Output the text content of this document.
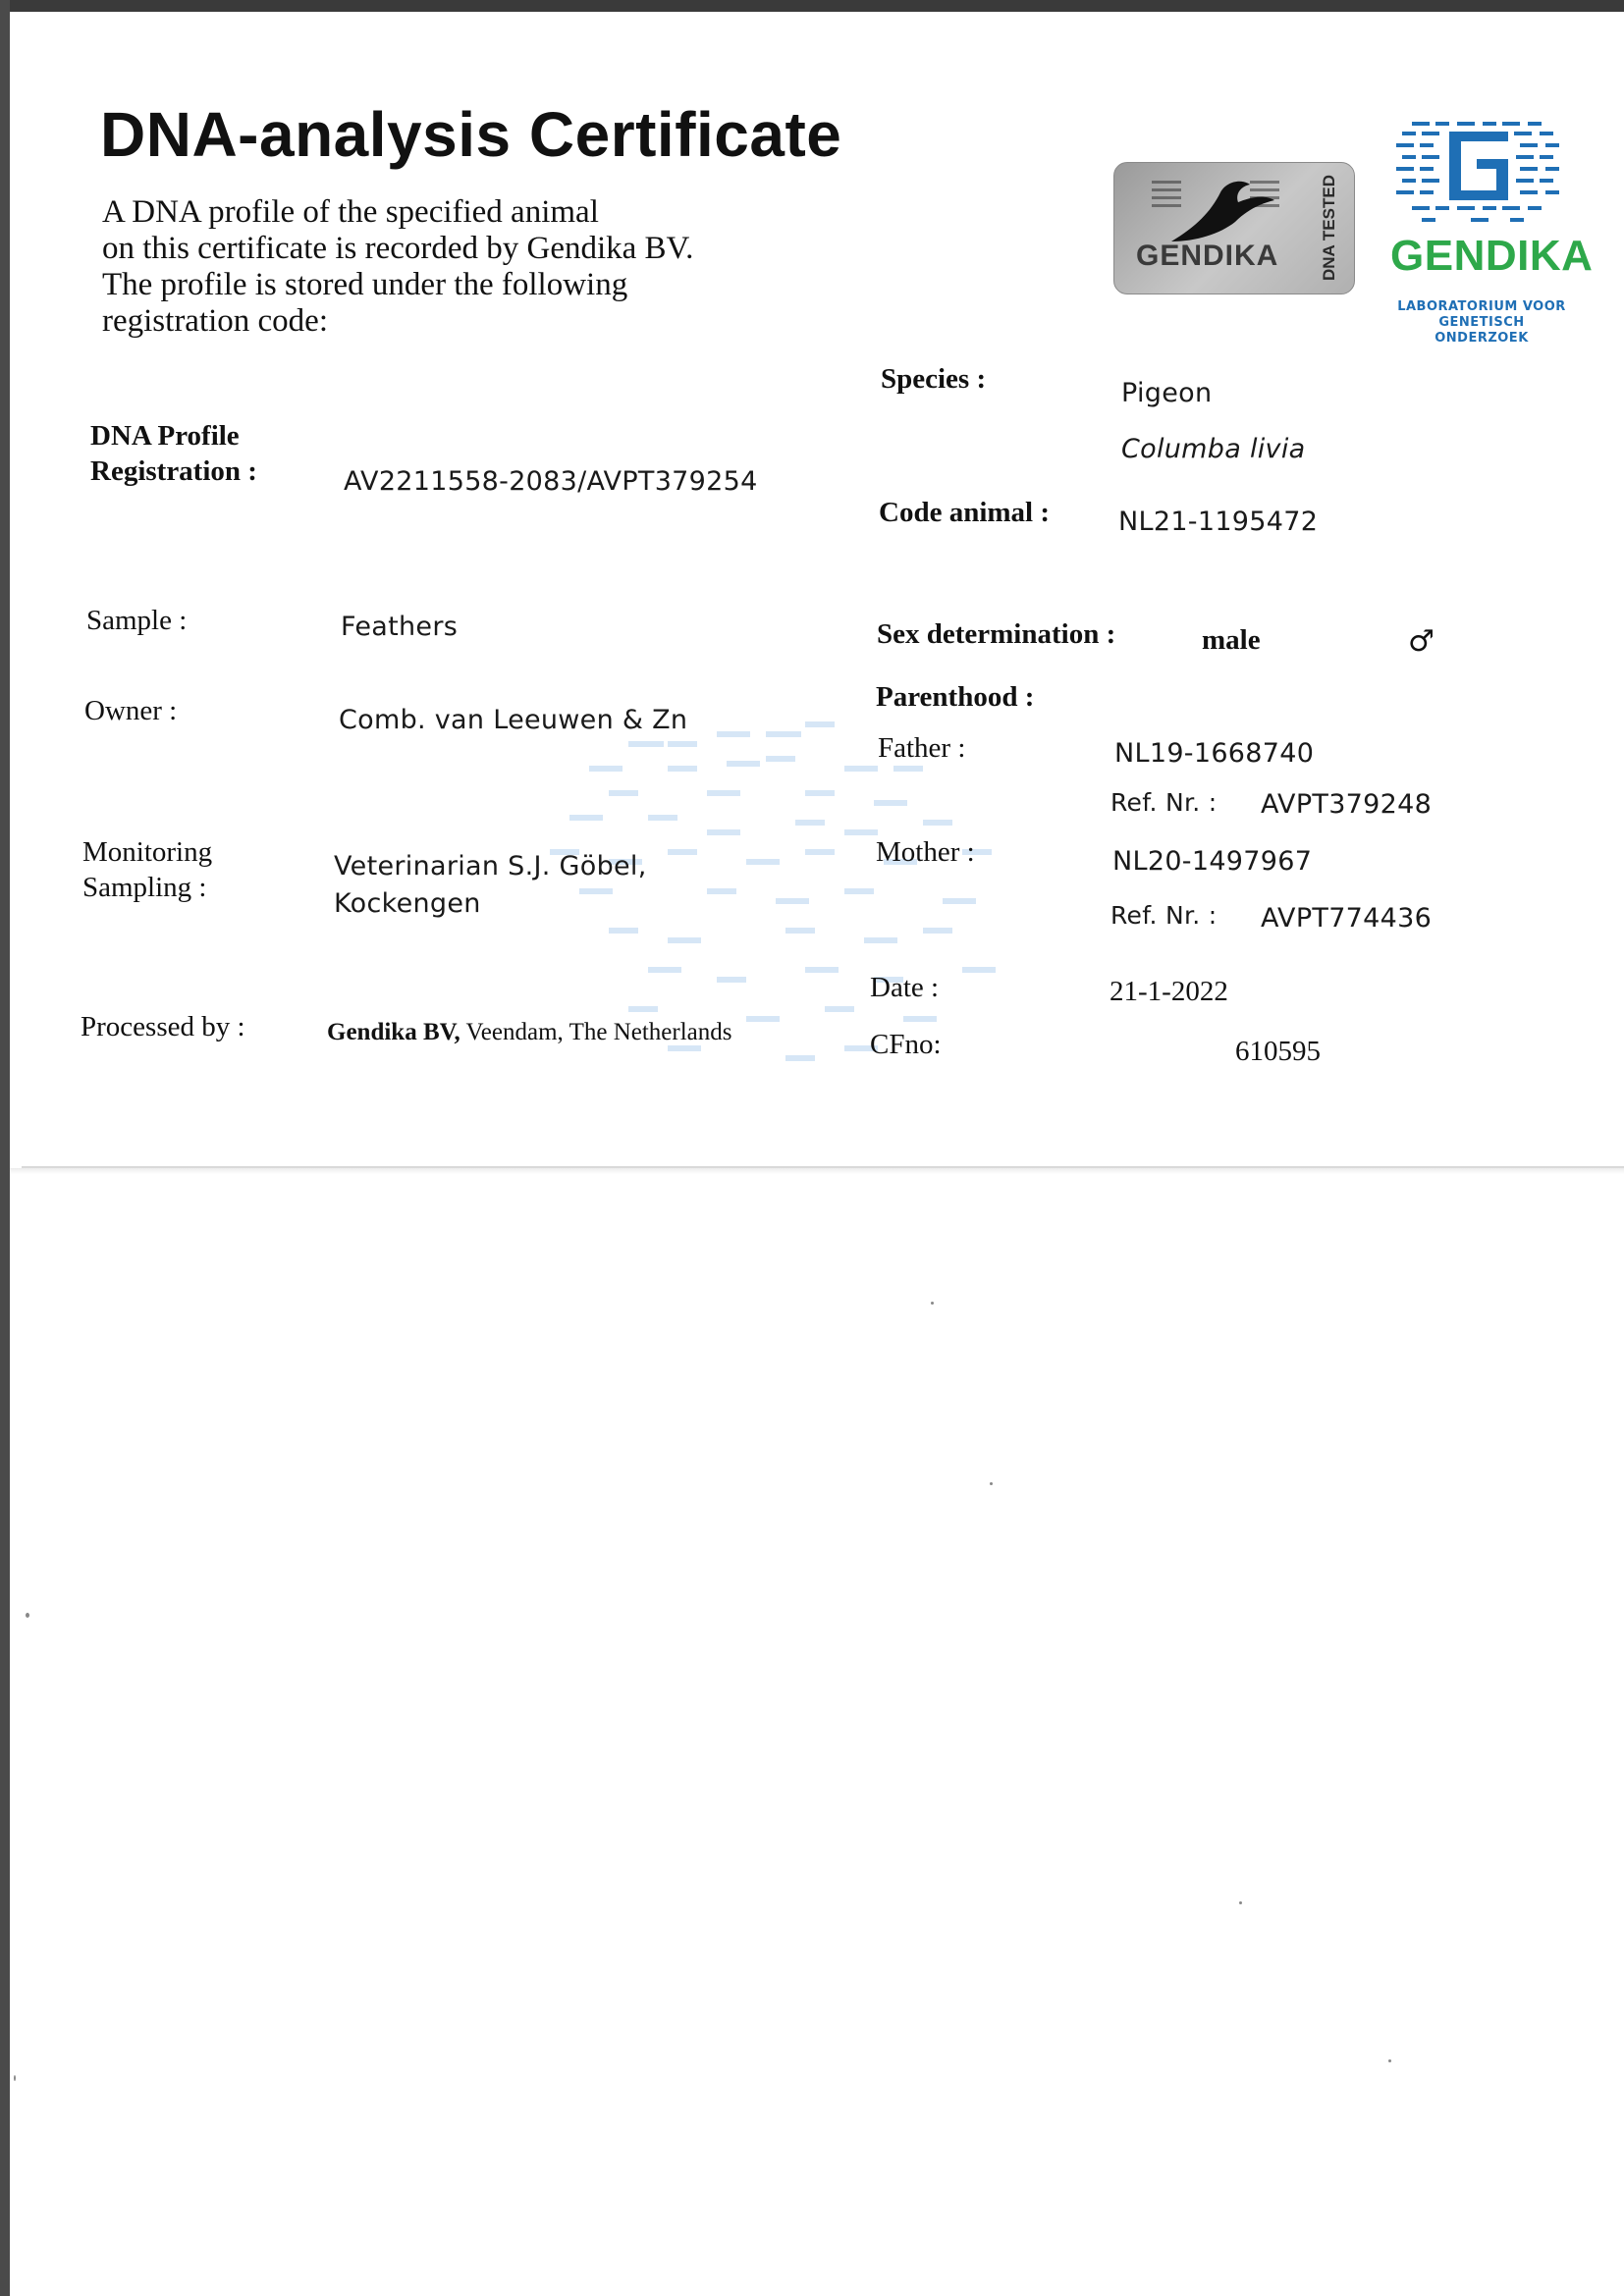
DNA-analysis Certificate
A DNA profile of the specified animal
on this certificate is recorded by Gendika BV.
The profile is stored under the following
registration code:
GENDIKA DNA TESTED GENDIKA
LABORATORIUM VOOR
GENETISCH ONDERZOEK
DNA Profile
Registration :	AV2211558-2083/AVPT379254
Sample :	Feathers
Owner :	Comb. van Leeuwen & Zn
Monitoring
Sampling :
Veterinarian S.J. Göbel,
Kockengen
Processed by :	Gendika BV, Veendam, The Netherlands
Species :	Pigeon
Columba livia
Code animal :	NL21-1195472
Sex determination :	male	♂
Parenthood :
Father :	NL19-1668740
Ref. Nr. : AVPT379248
Mother :	NL20-1497967
Ref. Nr. : AVPT774436
Date :	21-1-2022
CFno:	610595
